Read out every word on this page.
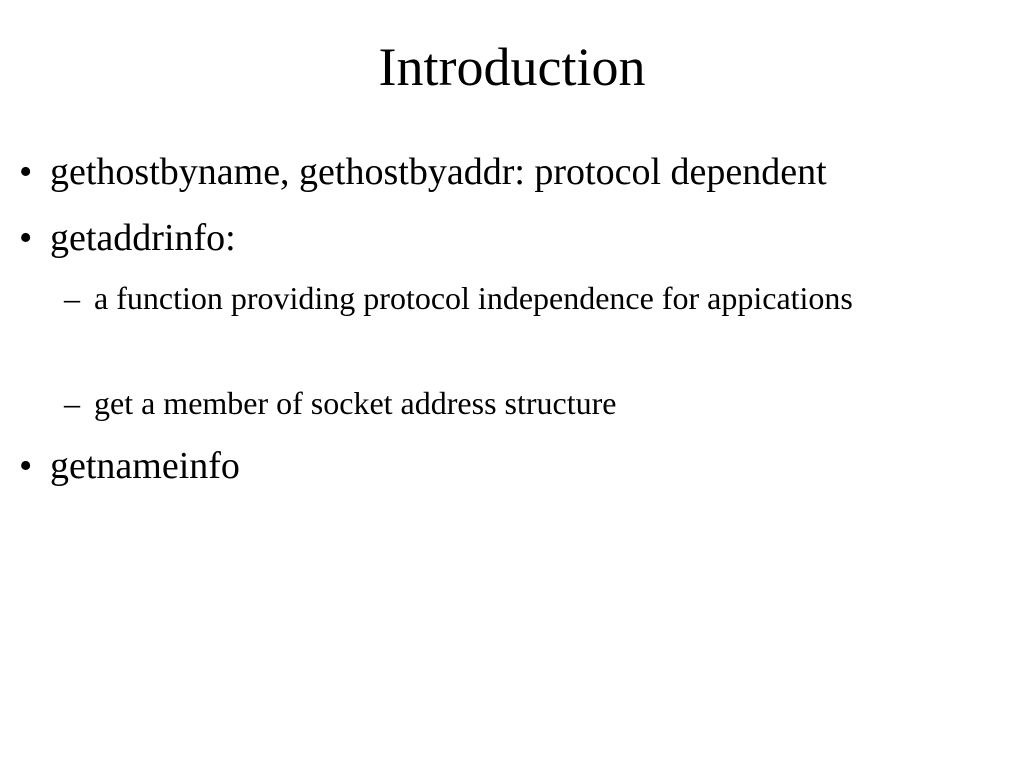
Introduction
• gethostbyname, gethostbyaddr: protocol dependent
• getaddrinfo:
– a function providing protocol independence for appications
– get a member of socket address structure
• getnameinfo
